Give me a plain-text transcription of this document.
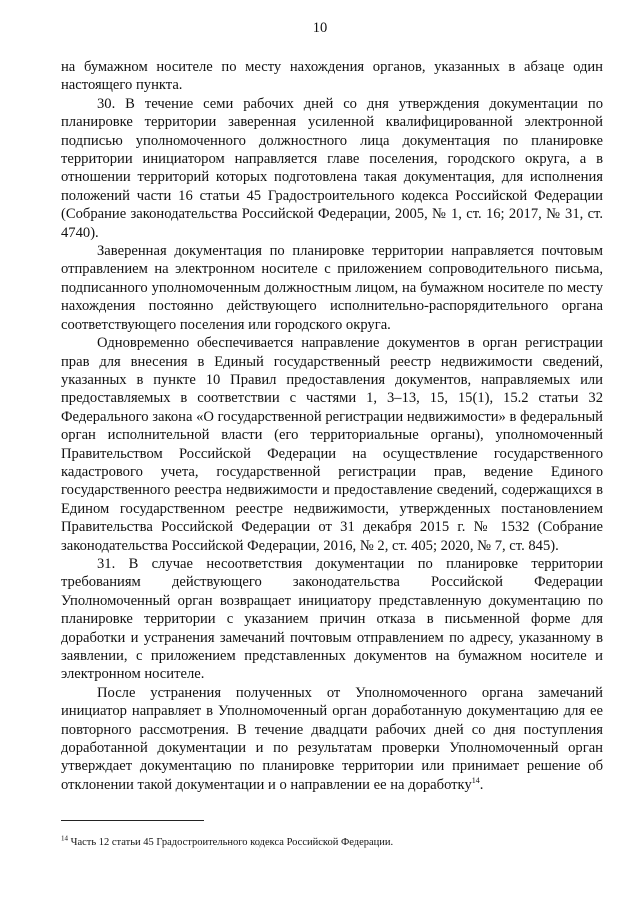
10

на бумажном носителе по месту нахождения органов, указанных в абзаце один настоящего пункта.

30. В течение семи рабочих дней со дня утверждения документации по планировке территории заверенная усиленной квалифицированной электронной подписью уполномоченного должностного лица документация по планировке территории инициатором направляется главе поселения, городского округа, а в отношении территорий которых подготовлена такая документация, для исполнения положений части 16 статьи 45 Градостроительного кодекса Российской Федерации (Собрание законодательства Российской Федерации, 2005, № 1, ст. 16; 2017, № 31, ст. 4740).

Заверенная документация по планировке территории направляется почтовым отправлением на электронном носителе с приложением сопроводительного письма, подписанного уполномоченным должностным лицом, на бумажном носителе по месту нахождения постоянно действующего исполнительно-распорядительного органа соответствующего поселения или городского округа.

Одновременно обеспечивается направление документов в орган регистрации прав для внесения в Единый государственный реестр недвижимости сведений, указанных в пункте 10 Правил предоставления документов, направляемых или предоставляемых в соответствии с частями 1, 3–13, 15, 15(1), 15.2 статьи 32 Федерального закона «О государственной регистрации недвижимости» в федеральный орган исполнительной власти (его территориальные органы), уполномоченный Правительством Российской Федерации на осуществление государственного кадастрового учета, государственной регистрации прав, ведение Единого государственного реестра недвижимости и предоставление сведений, содержащихся в Едином государственном реестре недвижимости, утвержденных постановлением Правительства Российской Федерации от 31 декабря 2015 г. № 1532 (Собрание законодательства Российской Федерации, 2016, № 2, ст. 405; 2020, № 7, ст. 845).

31. В случае несоответствия документации по планировке территории требованиям действующего законодательства Российской Федерации Уполномоченный орган возвращает инициатору представленную документацию по планировке территории с указанием причин отказа в письменной форме для доработки и устранения замечаний почтовым отправлением по адресу, указанному в заявлении, с приложением представленных документов на бумажном носителе и электронном носителе.

После устранения полученных от Уполномоченного органа замечаний инициатор направляет в Уполномоченный орган доработанную документацию для ее повторного рассмотрения. В течение двадцати рабочих дней со дня поступления доработанной документации и по результатам проверки Уполномоченный орган утверждает документацию по планировке территории или принимает решение об отклонении такой документации и о направлении ее на доработку$^{14}$.

$^{14}$ Часть 12 статьи 45 Градостроительного кодекса Российской Федерации.
